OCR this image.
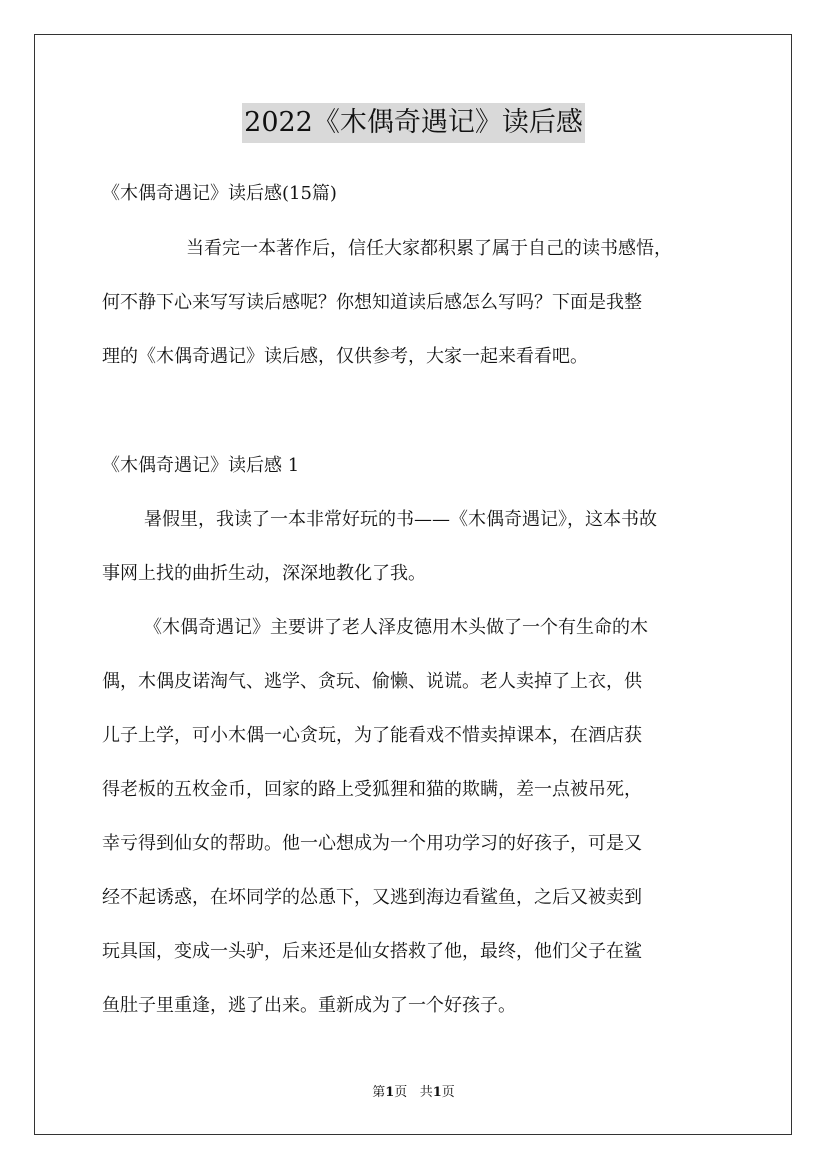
2022《木偶奇遇记》读后感

《木偶奇遇记》读后感(15篇)

当看完一本著作后，信任大家都积累了属于自己的读书感悟，

何不静下心来写写读后感呢？你想知道读后感怎么写吗？下面是我整

理的《木偶奇遇记》读后感，仅供参考，大家一起来看看吧。

《木偶奇遇记》读后感 1

暑假里，我读了一本非常好玩的书——《木偶奇遇记》，这本书故

事网上找的曲折生动，深深地教化了我。

《木偶奇遇记》主要讲了老人泽皮德用木头做了一个有生命的木

偶，木偶皮诺淘气、逃学、贪玩、偷懒、说谎。老人卖掉了上衣，供

儿子上学，可小木偶一心贪玩，为了能看戏不惜卖掉课本，在酒店获

得老板的五枚金币，回家的路上受狐狸和猫的欺瞒，差一点被吊死，

幸亏得到仙女的帮助。他一心想成为一个用功学习的好孩子，可是又

经不起诱惑，在坏同学的怂恿下，又逃到海边看鲨鱼，之后又被卖到

玩具国，变成一头驴，后来还是仙女搭救了他，最终，他们父子在鲨

鱼肚子里重逢，逃了出来。重新成为了一个好孩子。

第1页 共1页
